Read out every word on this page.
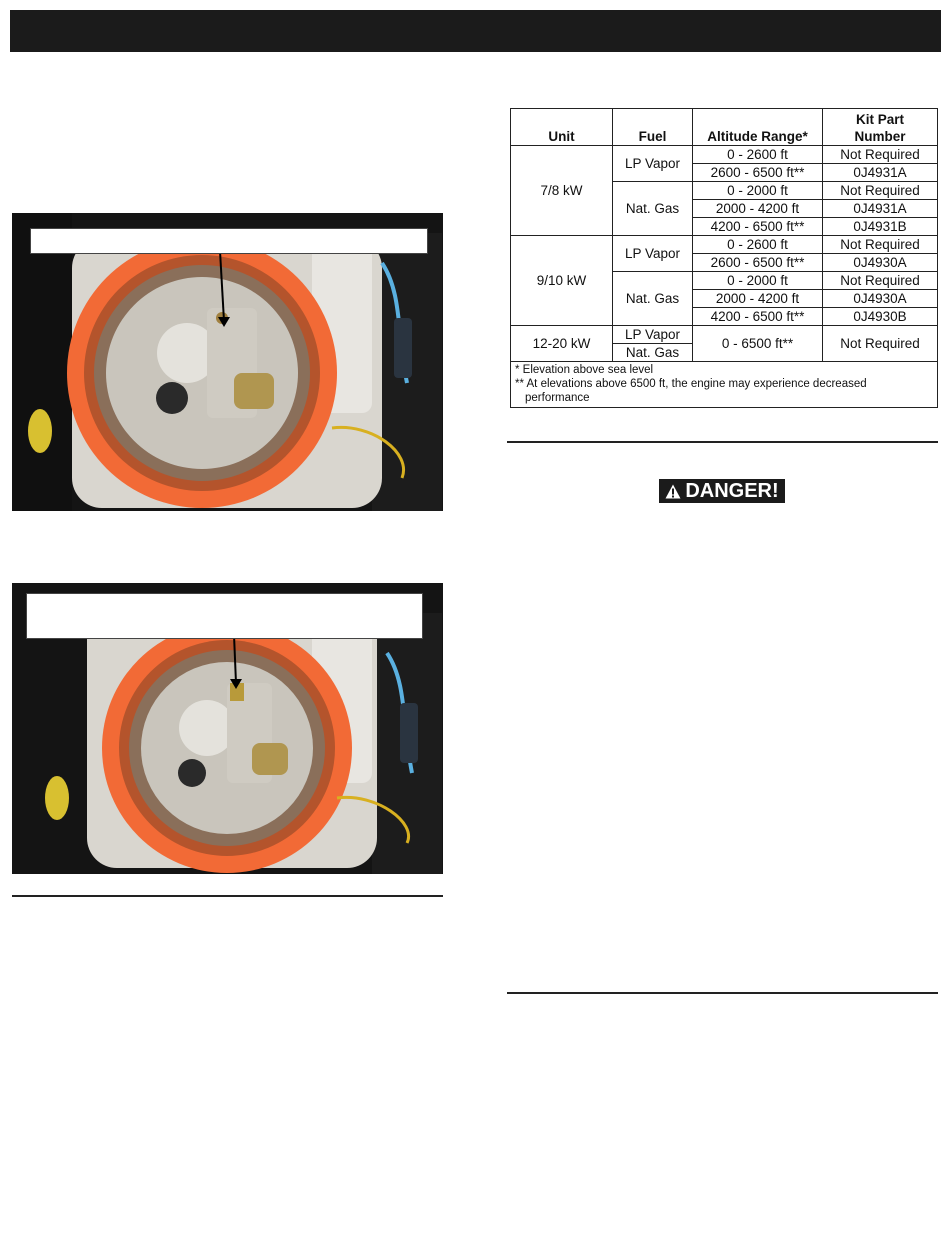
Unit	Fuel	Altitude Range*	Kit Part
Number
7/8 kW	LP Vapor	0 - 2600 ft	Not Required
		2600 - 6500 ft**	0J4931A
	Nat. Gas	0 - 2000 ft	Not Required
		2000 - 4200 ft	0J4931A
		4200 - 6500 ft**	0J4931B
9/10 kW	LP Vapor	0 - 2600 ft	Not Required
		2600 - 6500 ft**	0J4930A
	Nat. Gas	0 - 2000 ft	Not Required
		2000 - 4200 ft	0J4930A
		4200 - 6500 ft**	0J4930B
12-20 kW	LP Vapor	0 - 6500 ft**	Not Required
	Nat. Gas		
* Elevation above sea level

** At elevations above 6500 ft, the engine may experience decreased performance			
DANGER!
